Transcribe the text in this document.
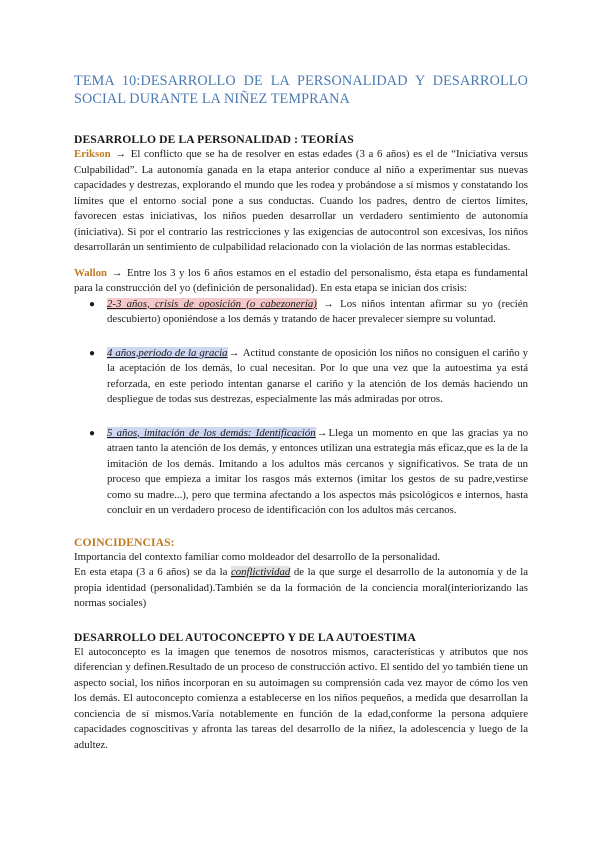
TEMA 10:DESARROLLO DE LA PERSONALIDAD Y DESARROLLO SOCIAL DURANTE LA NIÑEZ TEMPRANA
DESARROLLO DE LA PERSONALIDAD : TEORÍAS

Erikson → El conflicto que se ha de resolver en estas edades (3 a 6 años) es el de “Iniciativa versus Culpabilidad”. La autonomía ganada en la etapa anterior conduce al niño a experimentar sus nuevas capacidades y destrezas, explorando el mundo que les rodea y probándose a sí mismos y constatando los límites que el entorno social pone a sus conductas. Cuando los padres, dentro de ciertos límites, favorecen estas iniciativas, los niños pueden desarrollar un verdadero sentimiento de autonomía (iniciativa). Si por el contrario las restricciones y las exigencias de autocontrol son excesivas, los niños desarrollarán un sentimiento de culpabilidad relacionado con la violación de las normas establecidas.

Wallon → Entre los 3 y los 6 años estamos en el estadio del personalismo, ésta etapa es fundamental para la construcción del yo (definición de personalidad). En esta etapa se inician dos crisis:

● 2-3 años, crisis de oposición (o cabezonería) → Los niños intentan afirmar su yo (recién descubierto) oponiéndose a los demás y tratando de hacer prevalecer siempre su voluntad.
● 4 años,periodo de la gracia→ Actitud constante de oposición los niños no consiguen el cariño y la aceptación de los demás, lo cual necesitan. Por lo que una vez que la autoestima ya está reforzada, en este periodo intentan ganarse el cariño y la atención de los demás haciendo un despliegue de todas sus destrezas, especialmente las más admiradas por otros.
● 5 años, imitación de los demás: Identificación→Llega un momento en que las gracias ya no atraen tanto la atención de los demás, y entonces utilizan una estrategia más eficaz,que es la de la imitación de los demás. Imitando a los adultos más cercanos y significativos. Se trata de un proceso que empieza a imitar los rasgos más externos (imitar los gestos de su padre,vestirse como su madre...), pero que termina afectando a los aspectos más psicológicos e internos, hasta concluir en un verdadero proceso de identificación con los adultos más cercanos.
COINCIDENCIAS:

Importancia del contexto familiar como moldeador del desarrollo de la personalidad.

En esta etapa (3 a 6 años) se da la conflictividad de la que surge el desarrollo de la autonomía y de la propia identidad (personalidad).También se da la formación de la conciencia moral(interiorizando las normas sociales)

DESARROLLO DEL AUTOCONCEPTO Y DE LA AUTOESTIMA

El autoconcepto es la imagen que tenemos de nosotros mismos, características y atributos que nos diferencian y definen.Resultado de un proceso de construcción activo. El sentido del yo también tiene un aspecto social, los niños incorporan en su autoimagen su comprensión cada vez mayor de cómo los ven los demás. El autoconcepto comienza a establecerse en los niños pequeños, a medida que desarrollan la conciencia de sí mismos.Varía notablemente en función de la edad,conforme la persona adquiere capacidades cognoscitivas y afronta las tareas del desarrollo de la niñez, la adolescencia y luego de la adultez.
